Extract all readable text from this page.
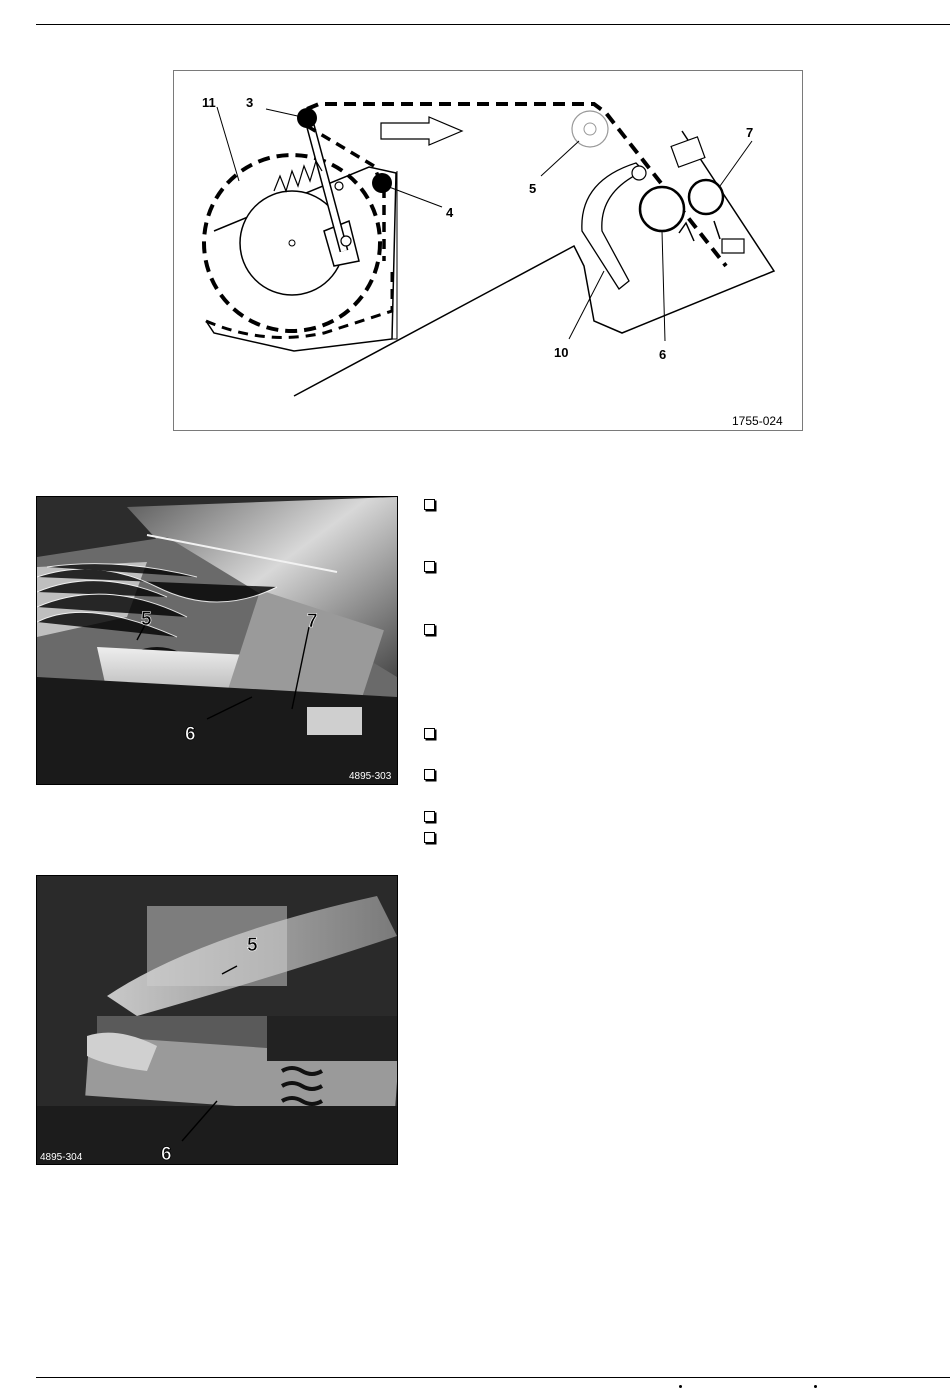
11 3
4
5
7
10	6
1755-024
5	7
6
4895-303
5
6
4895-304
